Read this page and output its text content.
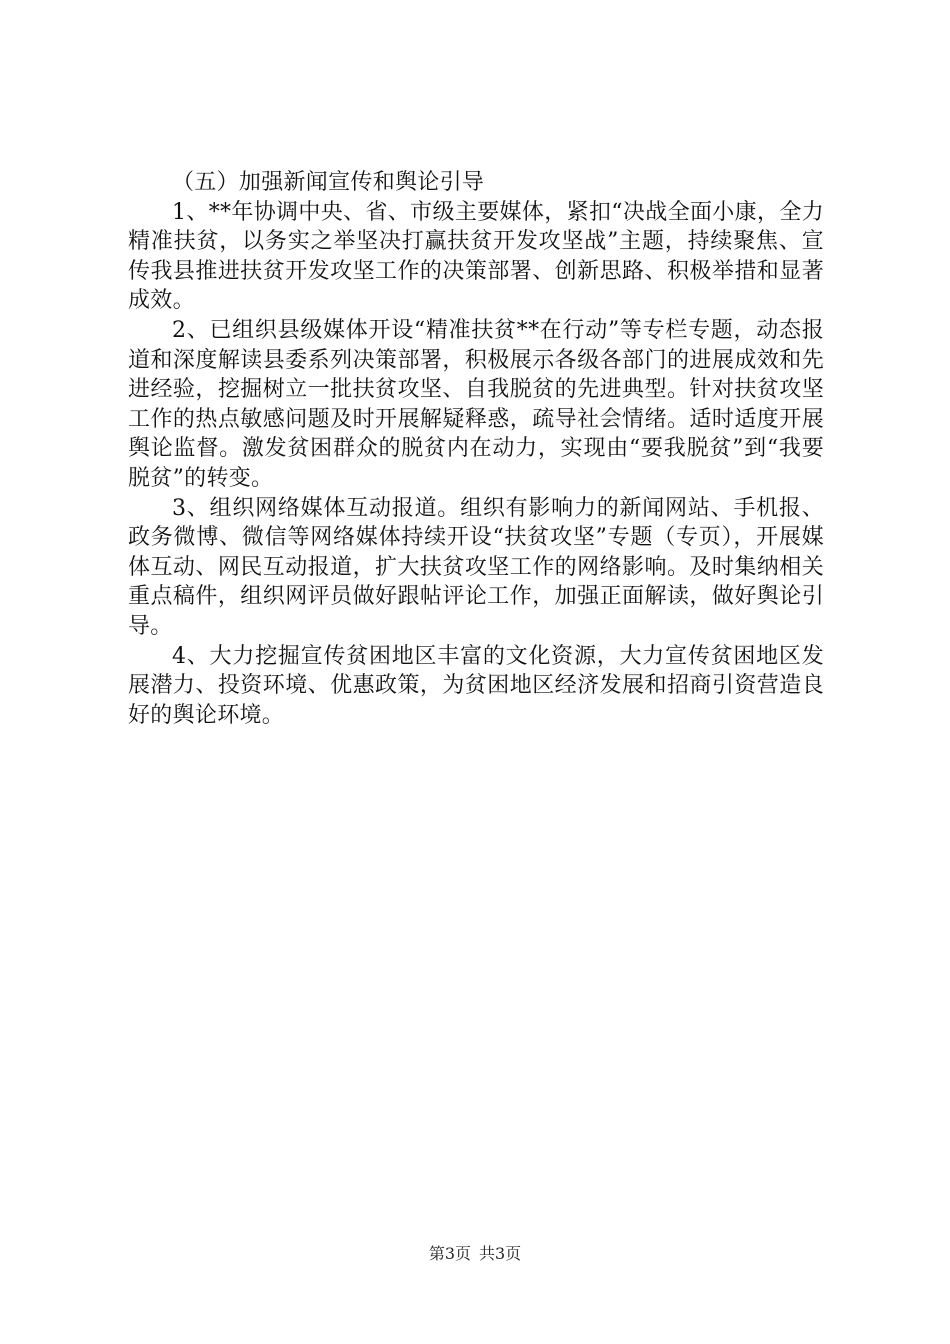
（五）加强新闻宣传和舆论引导

1、**年协调中央、省、市级主要媒体，紧扣“决战全面小康，全力精准扶贫，以务实之举坚决打赢扶贫开发攻坚战”主题，持续聚焦、宣传我县推进扶贫开发攻坚工作的决策部署、创新思路、积极举措和显著成效。

2、已组织县级媒体开设“精准扶贫**在行动”等专栏专题，动态报道和深度解读县委系列决策部署，积极展示各级各部门的进展成效和先进经验，挖掘树立一批扶贫攻坚、自我脱贫的先进典型。针对扶贫攻坚工作的热点敏感问题及时开展解疑释惑，疏导社会情绪。适时适度开展舆论监督。激发贫困群众的脱贫内在动力，实现由“要我脱贫”到“我要脱贫”的转变。

3、组织网络媒体互动报道。组织有影响力的新闻网站、手机报、政务微博、微信等网络媒体持续开设“扶贫攻坚”专题（专页），开展媒体互动、网民互动报道，扩大扶贫攻坚工作的网络影响。及时集纳相关重点稿件，组织网评员做好跟帖评论工作，加强正面解读，做好舆论引导。

4、大力挖掘宣传贫困地区丰富的文化资源，大力宣传贫困地区发展潜力、投资环境、优惠政策，为贫困地区经济发展和招商引资营造良好的舆论环境。

第3页 共3页
